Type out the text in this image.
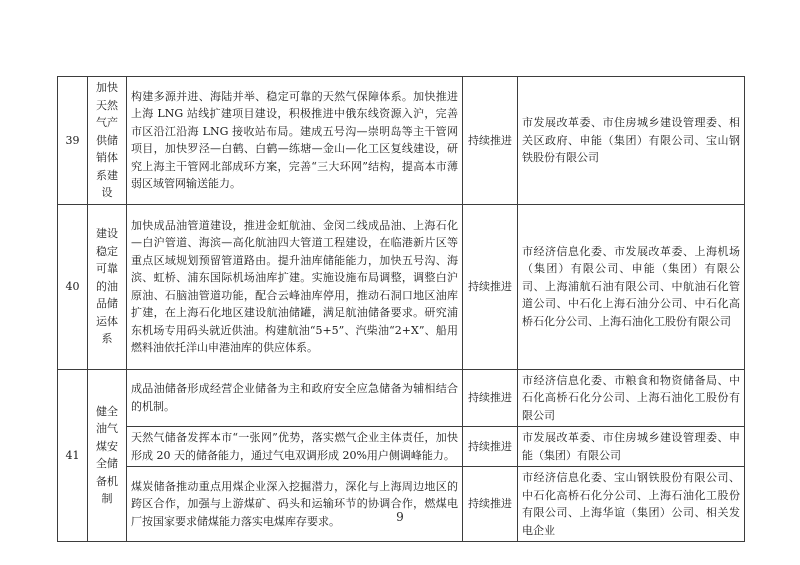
39	加快天然气产供储销体系建设	构建多源并进、海陆并举、稳定可靠的天然气保障体系。加快推进上海 LNG 站线扩建项目建设，积极推进中俄东线资源入沪，完善市区沿江沿海 LNG 接收站布局。建成五号沟—崇明岛等主干管网项目，加快罗泾—白鹤、白鹤—练塘—金山—化工区复线建设，研究上海主干管网北部成环方案，完善“三大环网”结构，提高本市薄弱区域管网输送能力。	持续推进	市发展改革委、市住房城乡建设管理委、相关区政府、申能（集团）有限公司、宝山钢铁股份有限公司
40	建设稳定可靠的油品储运体系	加快成品油管道建设，推进金虹航油、金闵二线成品油、上海石化—白沪管道、海滨—高化航油四大管道工程建设，在临港新片区等重点区域规划预留管道路由。提升油库储能能力，加快五号沟、海滨、虹桥、浦东国际机场油库扩建。实施设施布局调整，调整白沪原油、石脑油管道功能，配合云峰油库停用，推动石洞口地区油库扩建，在上海石化地区建设航油储罐，满足航油储备要求。研究浦东机场专用码头就近供油。构建航油“5+5”、汽柴油“2+X”、船用燃料油依托洋山申港油库的供应体系。	持续推进	市经济信息化委、市发展改革委、上海机场（集团）有限公司、申能（集团）有限公司、上海浦航石油有限公司、中航油石化管道公司、中石化上海石油分公司、中石化高桥石化分公司、上海石油化工股份有限公司
41	健全油气煤安全储备机制	成品油储备形成经营企业储备为主和政府安全应急储备为辅相结合的机制。	持续推进	市经济信息化委、市粮食和物资储备局、中石化高桥石化分公司、上海石油化工股份有限公司
		天然气储备发挥本市“一张网”优势，落实燃气企业主体责任，加快形成 20 天的储备能力，通过气电双调形成 20%用户侧调峰能力。	持续推进	市发展改革委、市住房城乡建设管理委、申能（集团）有限公司
		煤炭储备推动重点用煤企业深入挖掘潜力，深化与上海周边地区的跨区合作，加强与上游煤矿、码头和运输环节的协调合作，燃煤电厂按国家要求储煤能力落实电煤库存要求。	持续推进	市经济信息化委、宝山钢铁股份有限公司、中石化高桥石化分公司、上海石油化工股份有限公司、上海华谊（集团）公司、相关发电企业
9
